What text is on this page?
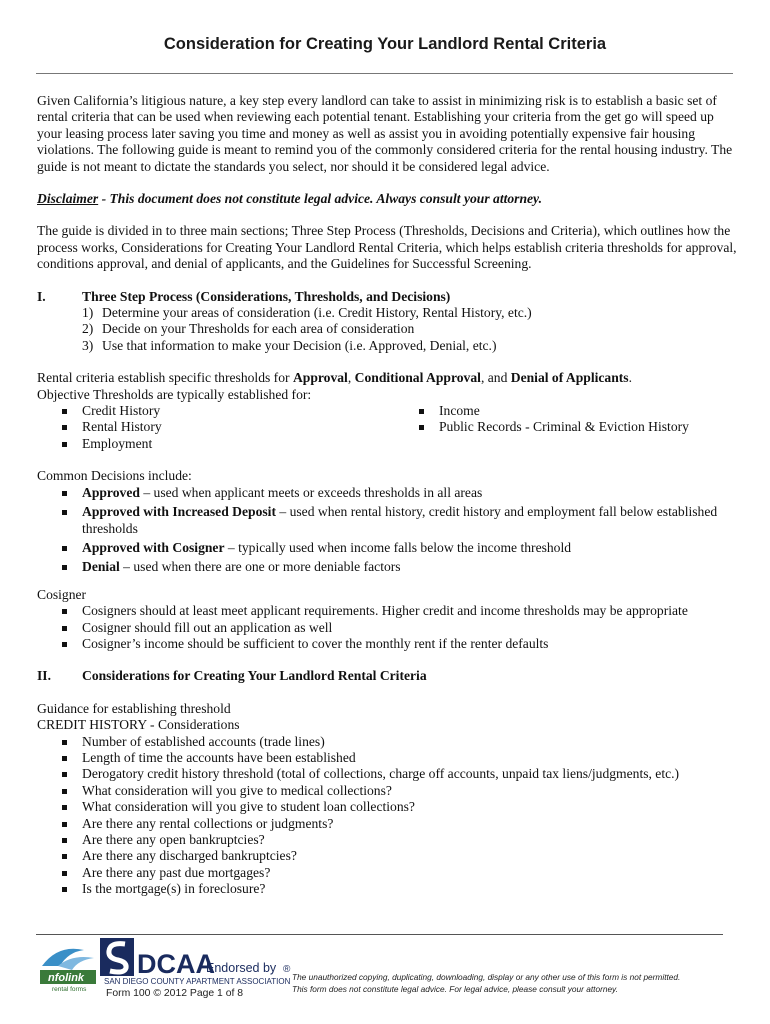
Consideration for Creating Your Landlord Rental Criteria

Given California’s litigious nature, a key step every landlord can take to assist in minimizing risk is to establish a basic set of rental criteria that can be used when reviewing each potential tenant. Establishing your criteria from the get go will speed up your leasing process later saving you time and money as well as assist you in avoiding potentially expensive fair housing violations. The following guide is meant to remind you of the commonly considered criteria for the rental housing industry. The guide is not meant to dictate the standards you select, nor should it be considered legal advice.

Disclaimer - This document does not constitute legal advice. Always consult your attorney.

The guide is divided in to three main sections; Three Step Process (Thresholds, Decisions and Criteria), which outlines how the process works, Considerations for Creating Your Landlord Rental Criteria, which helps establish criteria thresholds for approval, conditions approval, and denial of applicants, and the Guidelines for Successful Screening.

I.	Three Step Process (Considerations, Thresholds, and Decisions)
1) Determine your areas of consideration (i.e. Credit History, Rental History, etc.)
2) Decide on your Thresholds for each area of consideration
3) Use that information to make your Decision (i.e. Approved, Denial, etc.)

Rental criteria establish specific thresholds for Approval, Conditional Approval, and Denial of Applicants.

Objective Thresholds are typically established for:

Credit History
Rental History
Employment
Income
Public Records - Criminal & Eviction History

Common Decisions include:

Approved – used when applicant meets or exceeds thresholds in all areas
Approved with Increased Deposit – used when rental history, credit history and employment fall below established thresholds
Approved with Cosigner – typically used when income falls below the income threshold
Denial – used when there are one or more deniable factors

Cosigner

Cosigners should at least meet applicant requirements. Higher credit and income thresholds may be appropriate
Cosigner should fill out an application as well
Cosigner’s income should be sufficient to cover the monthly rent if the renter defaults
II. Considerations for Creating Your Landlord Rental Criteria

Guidance for establishing threshold

CREDIT HISTORY - Considerations

Number of established accounts (trade lines)
Length of time the accounts have been established
Derogatory credit history threshold (total of collections, charge off accounts, unpaid tax liens/judgments, etc.)
What consideration will you give to medical collections?
What consideration will you give to student loan collections?
Are there any rental collections or judgments?
Are there any open bankruptcies?
Are there any discharged bankruptcies?
Are there any past due mortgages?
Is the mortgage(s) in foreclosure?
nfolink
rental forms
DCAA
Endorsed by
SAN DIEGO COUNTY APARTMENT ASSOCIATION
®
Form 100 © 2012 Page 1 of 8
The unauthorized copying, duplicating, downloading, display or any other use of this form is not permitted.
This form does not constitute legal advice. For legal advice, please consult your attorney.
